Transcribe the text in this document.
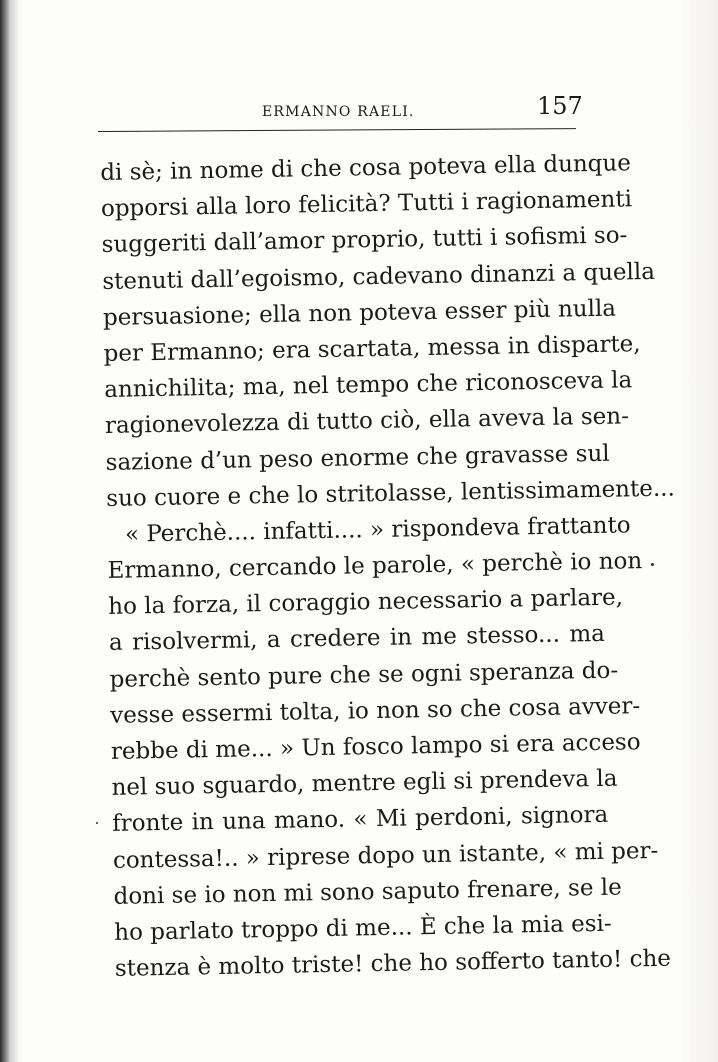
ERMANNO RAELI.	157
di sè; in nome di che cosa poteva ella dunque
opporsi alla loro felicità? Tutti i ragionamenti
suggeriti dall’amor proprio, tutti i sofismi so-
stenuti dall’egoismo, cadevano dinanzi a quella
persuasione; ella non poteva esser più nulla
per Ermanno; era scartata, messa in disparte,
annichilita; ma, nel tempo che riconosceva la
ragionevolezza di tutto ciò, ella aveva la sen-
sazione d’un peso enorme che gravasse sul
suo cuore e che lo stritolasse, lentissimamente...
« Perchè.... infatti.... » rispondeva frattanto
Ermanno, cercando le parole, « perchè io non
ho la forza, il coraggio necessario a parlare,
a risolvermi, a credere in me stesso... ma
perchè sento pure che se ogni speranza do-
vesse essermi tolta, io non so che cosa avver-
rebbe di me... » Un fosco lampo si era acceso
nel suo sguardo, mentre egli si prendeva la
fronte in una mano. « Mi perdoni, signora
contessa!.. » riprese dopo un istante, « mi per-
doni se io non mi sono saputo frenare, se le
ho parlato troppo di me... È che la mia esi-
stenza è molto triste! che ho sofferto tanto! che
